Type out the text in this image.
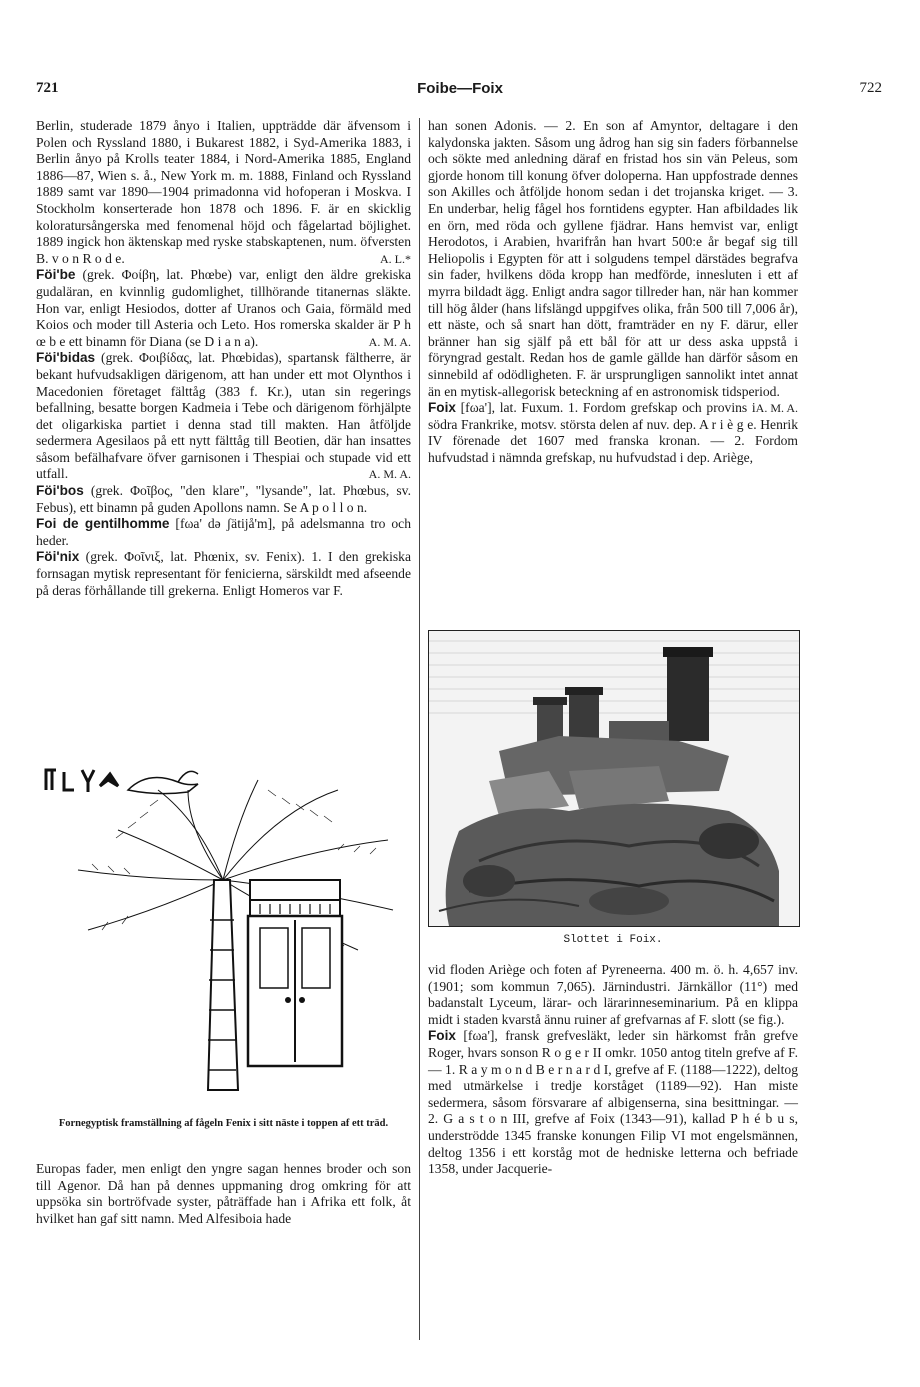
721	Foibe—Foix	722

Berlin, studerade 1879 ånyo i Italien, uppträdde där äfvensom i Polen och Ryssland 1880, i Bukarest 1882, i Syd-Amerika 1883, i Berlin ånyo på Krolls teater 1884, i Nord-Amerika 1885, England 1886—87, Wien s. å., New York m. m. 1888, Finland och Ryssland 1889 samt var 1890—1904 primadonna vid hofoperan i Moskva. I Stockholm konserterade hon 1878 och 1896. F. är en skicklig koloratursångerska med fenomenal höjd och fågelartad böjlighet. 1889 ingick hon äktenskap med ryske stabskaptenen, num. öfversten B. v o n R o d e.	A. L.*

Föi'be (grek. Φοίβη, lat. Phœbe) var, enligt den äldre grekiska gudaläran, en kvinnlig gudomlighet, tillhörande titanernas släkte. Hon var, enligt Hesiodos, dotter af Uranos och Gaia, förmäld med Koios och moder till Asteria och Leto. Hos romerska skalder är P h œ b e ett binamn för Diana (se D i a n a).	A. M. A.

Föi'bidas (grek. Φοιβίδας, lat. Phœbidas), spartansk fältherre, är bekant hufvudsakligen därigenom, att han under ett mot Olynthos i Macedonien företaget fälttåg (383 f. Kr.), utan sin regerings befallning, besatte borgen Kadmeia i Tebe och därigenom förhjälpte det oligarkiska partiet i denna stad till makten. Han åtföljde sedermera Agesilaos på ett nytt fälttåg till Beotien, där han insattes såsom befälhafvare öfver garnisonen i Thespiai och stupade vid ett utfall.	A. M. A.

Föi'bos (grek. Φοῖβος, "den klare", "lysande", lat. Phœbus, sv. Febus), ett binamn på guden Apollons namn. Se A p o l l o n.

Foi de gentilhomme [fωa' dә ʃätijå'm], på adelsmanna tro och heder.

Föi'nix (grek. Φοῖνιξ, lat. Phœnix, sv. Fenix). 1. I den grekiska fornsagan mytisk representant för fenicierna, särskildt med afseende på deras förhållande till grekerna. Enligt Homeros var F.

Fornegyptisk framställning af fågeln Fenix i sitt näste i toppen af ett träd.

Europas fader, men enligt den yngre sagan hennes broder och son till Agenor. Då han på dennes uppmaning drog omkring för att uppsöka sin bortröfvade syster, påträffade han i Afrika ett folk, åt hvilket han gaf sitt namn. Med Alfesiboia hade

han sonen Adonis. — 2. En son af Amyntor, deltagare i den kalydonska jakten. Såsom ung ådrog han sig sin faders förbannelse och sökte med anledning däraf en fristad hos sin vän Peleus, som gjorde honom till konung öfver doloperna. Han uppfostrade dennes son Akilles och åtföljde honom sedan i det trojanska kriget. — 3. En underbar, helig fågel hos forntidens egypter. Han afbildades lik en örn, med röda och gyllene fjädrar. Hans hemvist var, enligt Herodotos, i Arabien, hvarifrån han hvart 500:e år begaf sig till Heliopolis i Egypten för att i solgudens tempel därstädes begrafva sin fader, hvilkens döda kropp han medförde, innesluten i ett af myrra bildadt ägg. Enligt andra sagor tillreder han, när han kommer till hög ålder (hans lifslängd uppgifves olika, från 500 till 7,006 år), ett näste, och så snart han dött, framträder en ny F. därur, eller bränner han sig själf på ett bål för att ur dess aska uppstå i föryngrad gestalt. Redan hos de gamle gällde han därför såsom en sinnebild af odödligheten. F. är ursprungligen sannolikt intet annat än en mytisk-allegorisk beteckning af en astronomisk tidsperiod.
A. M. A.

Foix [fωa'], lat. Fuxum. 1. Fordom grefskap och provins i södra Frankrike, motsv. största delen af nuv. dep. A r i è g e. Henrik IV förenade det 1607 med franska kronan. — 2. Fordom hufvudstad i nämnda grefskap, nu hufvudstad i dep. Ariège,

Slottet i Foix.

vid floden Ariège och foten af Pyreneerna. 400 m. ö. h. 4,657 inv. (1901; som kommun 7,065). Järnindustri. Järnkällor (11°) med badanstalt Lyceum, lärar- och lärarinneseminarium. På en klippa midt i staden kvarstå ännu ruiner af grefvarnas af F. slott (se fig.).

Foix [fωa'], fransk grefvesläkt, leder sin härkomst från grefve Roger, hvars sonson R o g e r II omkr. 1050 antog titeln grefve af F. — 1. R a y m o n d B e r n a r d I, grefve af F. (1188—1222), deltog med utmärkelse i tredje korståget (1189—92). Han miste sedermera, såsom försvarare af albigenserna, sina besittningar. — 2. G a s t o n III, grefve af Foix (1343—91), kallad P h é b u s, underströdde 1345 franske konungen Filip VI mot engelsmännen, deltog 1356 i ett korståg mot de hedniske letterna och befriade 1358, under Jacquerie-
